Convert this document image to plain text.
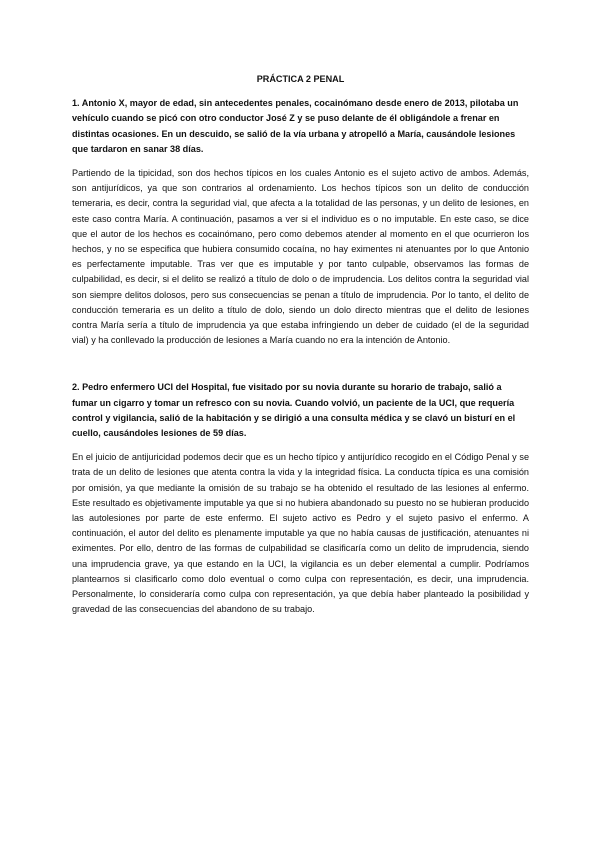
PRÁCTICA 2 PENAL
1. Antonio X, mayor de edad, sin antecedentes penales, cocainómano desde enero de 2013, pilotaba un vehículo cuando se picó con otro conductor José Z y se puso delante de él obligándole a frenar en distintas ocasiones. En un descuido, se salió de la vía urbana y atropelló a María, causándole lesiones que tardaron en sanar 38 días.
Partiendo de la tipicidad, son dos hechos típicos en los cuales Antonio es el sujeto activo de ambos. Además, son antijurídicos, ya que son contrarios al ordenamiento. Los hechos típicos son un delito de conducción temeraria, es decir, contra la seguridad vial, que afecta a la totalidad de las personas, y un delito de lesiones, en este caso contra María. A continuación, pasamos a ver si el individuo es o no imputable. En este caso, se dice que el autor de los hechos es cocainómano, pero como debemos atender al momento en el que ocurrieron los hechos, y no se especifica que hubiera consumido cocaína, no hay eximentes ni atenuantes por lo que Antonio es perfectamente imputable. Tras ver que es imputable y por tanto culpable, observamos las formas de culpabilidad, es decir, si el delito se realizó a título de dolo o de imprudencia. Los delitos contra la seguridad vial son siempre delitos dolosos, pero sus consecuencias se penan a título de imprudencia. Por lo tanto, el delito de conducción temeraria es un delito a título de dolo, siendo un dolo directo mientras que el delito de lesiones contra María sería a título de imprudencia ya que estaba infringiendo un deber de cuidado (el de la seguridad vial) y ha conllevado la producción de lesiones a María cuando no era la intención de Antonio.
2. Pedro enfermero UCI del Hospital, fue visitado por su novia durante su horario de trabajo, salió a fumar un cigarro y tomar un refresco con su novia. Cuando volvió, un paciente de la UCI, que requería control y vigilancia, salió de la habitación y se dirigió a una consulta médica y se clavó un bisturí en el cuello, causándoles lesiones de 59 días.
En el juicio de antijuricidad podemos decir que es un hecho típico y antijurídico recogido en el Código Penal y se trata de un delito de lesiones que atenta contra la vida y la integridad física. La conducta típica es una comisión por omisión, ya que mediante la omisión de su trabajo se ha obtenido el resultado de las lesiones al enfermo. Este resultado es objetivamente imputable ya que si no hubiera abandonado su puesto no se hubieran producido las autolesiones por parte de este enfermo. El sujeto activo es Pedro y el sujeto pasivo el enfermo. A continuación, el autor del delito es plenamente imputable ya que no había causas de justificación, atenuantes ni eximentes. Por ello, dentro de las formas de culpabilidad se clasificaría como un delito de imprudencia, siendo una imprudencia grave, ya que estando en la UCI, la vigilancia es un deber elemental a cumplir. Podríamos plantearnos si clasificarlo como dolo eventual o como culpa con representación, es decir, una imprudencia. Personalmente, lo consideraría como culpa con representación, ya que debía haber planteado la posibilidad y gravedad de las consecuencias del abandono de su trabajo.
